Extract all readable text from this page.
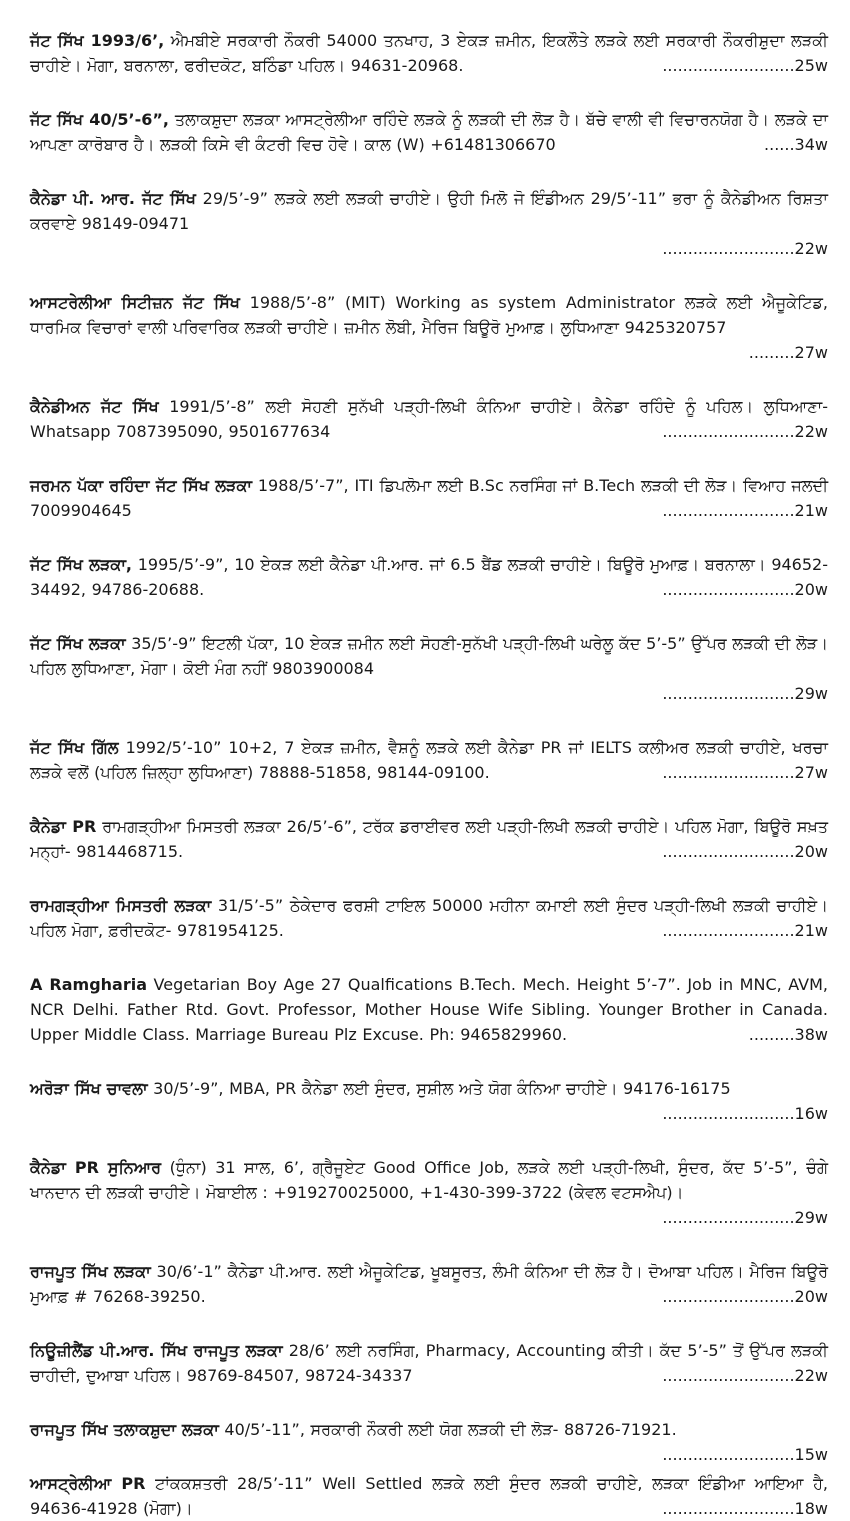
ਜੱਟ ਸਿੱਖ 1993/6’, ਐਮਬੀਏ ਸਰਕਾਰੀ ਨੌਕਰੀ 54000 ਤਨਖਾਹ, 3 ਏਕੜ ਜ਼ਮੀਨ, ਇਕਲੌਤੇ ਲੜਕੇ ਲਈ ਸਰਕਾਰੀ ਨੌਕਰੀਸ਼ੁਦਾ ਲੜਕੀ ਚਾਹੀਏ। ਮੋਗਾ, ਬਰਨਾਲਾ, ਫਰੀਦਕੋਟ, ਬਠਿੰਡਾ ਪਹਿਲ। 94631-20968.	..........................25w

ਜੱਟ ਸਿੱਖ 40/5’-6”, ਤਲਾਕਸ਼ੁਦਾ ਲੜਕਾ ਆਸਟ੍ਰੇਲੀਆ ਰਹਿੰਦੇ ਲੜਕੇ ਨੂੰ ਲੜਕੀ ਦੀ ਲੋੜ ਹੈ। ਬੱਚੇ ਵਾਲੀ ਵੀ ਵਿਚਾਰਨਯੋਗ ਹੈ। ਲੜਕੇ ਦਾ ਆਪਣਾ ਕਾਰੋਬਾਰ ਹੈ। ਲੜਕੀ ਕਿਸੇ ਵੀ ਕੰਟਰੀ ਵਿਚ ਹੋਵੇ। ਕਾਲ (W) +61481306670	......34w

ਕੈਨੇਡਾ ਪੀ. ਆਰ. ਜੱਟ ਸਿੱਖ 29/5’-9” ਲੜਕੇ ਲਈ ਲੜਕੀ ਚਾਹੀਏ। ਉਹੀ ਮਿਲੋ ਜੋ ਇੰਡੀਅਨ 29/5’-11” ਭਰਾ ਨੂੰ ਕੈਨੇਡੀਅਨ ਰਿਸ਼ਤਾ ਕਰਵਾਏ 98149-09471
..........................22w

ਆਸਟਰੇਲੀਆ ਸਿਟੀਜ਼ਨ ਜੱਟ ਸਿੱਖ 1988/5’-8” (MIT) Working as system Administrator ਲੜਕੇ ਲਈ ਐਜੂਕੇਟਿਡ, ਧਾਰਮਿਕ ਵਿਚਾਰਾਂ ਵਾਲੀ ਪਰਿਵਾਰਿਕ ਲੜਕੀ ਚਾਹੀਏ। ਜ਼ਮੀਨ ਲੋਬੀ, ਮੈਰਿਜ ਬਿਊਰੋ ਮੁਆਫ਼। ਲੁਧਿਆਣਾ 9425320757
.........27w

ਕੈਨੇਡੀਅਨ ਜੱਟ ਸਿੱਖ 1991/5’-8” ਲਈ ਸੋਹਣੀ ਸੁਨੱਖੀ ਪੜ੍ਹੀ-ਲਿਖੀ ਕੰਨਿਆ ਚਾਹੀਏ। ਕੈਨੇਡਾ ਰਹਿੰਦੇ ਨੂੰ ਪਹਿਲ। ਲੁਧਿਆਣਾ- Whatsapp 7087395090, 9501677634	..........................22w

ਜਰਮਨ ਪੱਕਾ ਰਹਿੰਦਾ ਜੱਟ ਸਿੱਖ ਲੜਕਾ 1988/5’-7”, ITI ਡਿਪਲੋਮਾ ਲਈ B.Sc ਨਰਸਿੰਗ ਜਾਂ B.Tech ਲੜਕੀ ਦੀ ਲੋੜ। ਵਿਆਹ ਜਲਦੀ 7009904645	..........................21w

ਜੱਟ ਸਿੱਖ ਲੜਕਾ, 1995/5’-9”, 10 ਏਕੜ ਲਈ ਕੈਨੇਡਾ ਪੀ.ਆਰ. ਜਾਂ 6.5 ਬੈਂਡ ਲੜਕੀ ਚਾਹੀਏ। ਬਿਊਰੋ ਮੁਆਫ਼। ਬਰਨਾਲਾ। 94652-34492, 94786-20688.	..........................20w

ਜੱਟ ਸਿੱਖ ਲੜਕਾ 35/5’-9” ਇਟਲੀ ਪੱਕਾ, 10 ਏਕੜ ਜ਼ਮੀਨ ਲਈ ਸੋਹਣੀ-ਸੁਨੱਖੀ ਪੜ੍ਹੀ-ਲਿਖੀ ਘਰੇਲੂ ਕੱਦ 5’-5” ਉੱਪਰ ਲੜਕੀ ਦੀ ਲੋੜ। ਪਹਿਲ ਲੁਧਿਆਣਾ, ਮੋਗਾ। ਕੋਈ ਮੰਗ ਨਹੀਂ 9803900084
..........................29w

ਜੱਟ ਸਿੱਖ ਗਿੱਲ 1992/5’-10” 10+2, 7 ਏਕੜ ਜ਼ਮੀਨ, ਵੈਸ਼ਨੂੰ ਲੜਕੇ ਲਈ ਕੈਨੇਡਾ PR ਜਾਂ IELTS ਕਲੀਅਰ ਲੜਕੀ ਚਾਹੀਏ, ਖਰਚਾ ਲੜਕੇ ਵਲੋਂ (ਪਹਿਲ ਜ਼ਿਲ੍ਹਾ ਲੁਧਿਆਣਾ) 78888-51858, 98144-09100.	..........................27w

ਕੈਨੇਡਾ PR ਰਾਮਗੜ੍ਹੀਆ ਮਿਸਤਰੀ ਲੜਕਾ 26/5’-6”, ਟਰੱਕ ਡਰਾਈਵਰ ਲਈ ਪੜ੍ਹੀ-ਲਿਖੀ ਲੜਕੀ ਚਾਹੀਏ। ਪਹਿਲ ਮੋਗਾ, ਬਿਊਰੋ ਸਖ਼ਤ ਮਨ੍ਹਾਂ- 9814468715.	..........................20w

ਰਾਮਗੜ੍ਹੀਆ ਮਿਸਤਰੀ ਲੜਕਾ 31/5’-5” ਠੇਕੇਦਾਰ ਫਰਸ਼ੀ ਟਾਇਲ 50000 ਮਹੀਨਾ ਕਮਾਈ ਲਈ ਸੁੰਦਰ ਪੜ੍ਹੀ-ਲਿਖੀ ਲੜਕੀ ਚਾਹੀਏ। ਪਹਿਲ ਮੋਗਾ, ਫ਼ਰੀਦਕੋਟ- 9781954125.	..........................21w

A Ramgharia Vegetarian Boy Age 27 Qualfications B.Tech. Mech. Height 5’-7”. Job in MNC, AVM, NCR Delhi. Father Rtd. Govt. Professor, Mother House Wife Sibling. Younger Brother in Canada. Upper Middle Class. Marriage Bureau Plz Excuse. Ph: 9465829960.	.........38w

ਅਰੋੜਾ ਸਿੱਖ ਚਾਵਲਾ 30/5’-9”, MBA, PR ਕੈਨੇਡਾ ਲਈ ਸੁੰਦਰ, ਸੁਸ਼ੀਲ ਅਤੇ ਯੋਗ ਕੰਨਿਆ ਚਾਹੀਏ। 94176-16175
..........................16w

ਕੈਨੇਡਾ PR ਸੁਨਿਆਰ (ਧੁੰਨਾ) 31 ਸਾਲ, 6’, ਗ੍ਰੈਜੂਏਟ Good Office Job, ਲੜਕੇ ਲਈ ਪੜ੍ਹੀ-ਲਿਖੀ, ਸੁੰਦਰ, ਕੱਦ 5’-5”, ਚੰਗੇ ਖਾਨਦਾਨ ਦੀ ਲੜਕੀ ਚਾਹੀਏ। ਮੋਬਾਈਲ : +919270025000, +1-430-399-3722 (ਕੇਵਲ ਵਟਸਐਪ)।
..........................29w

ਰਾਜਪੂਤ ਸਿੱਖ ਲੜਕਾ 30/6’-1” ਕੈਨੇਡਾ ਪੀ.ਆਰ. ਲਈ ਐਜੂਕੇਟਿਡ, ਖੂਬਸੂਰਤ, ਲੰਮੀ ਕੰਨਿਆ ਦੀ ਲੋੜ ਹੈ। ਦੋਆਬਾ ਪਹਿਲ। ਮੈਰਿਜ ਬਿਊਰੋ ਮੁਆਫ਼ # 76268-39250.	..........................20w

ਨਿਊਜ਼ੀਲੈਂਡ ਪੀ.ਆਰ. ਸਿੱਖ ਰਾਜਪੂਤ ਲੜਕਾ 28/6’ ਲਈ ਨਰਸਿੰਗ, Pharmacy, Accounting ਕੀਤੀ। ਕੱਦ 5’-5” ਤੋਂ ਉੱਪਰ ਲੜਕੀ ਚਾਹੀਦੀ, ਦੁਆਬਾ ਪਹਿਲ। 98769-84507, 98724-34337	..........................22w

ਰਾਜਪੂਤ ਸਿੱਖ ਤਲਾਕਸ਼ੁਦਾ ਲੜਕਾ 40/5’-11”, ਸਰਕਾਰੀ ਨੌਕਰੀ ਲਈ ਯੋਗ ਲੜਕੀ ਦੀ ਲੋੜ- 88726-71921.
..........................15w

ਆਸਟ੍ਰੇਲੀਆ PR ਟਾਂਕਕਸ਼ਤਰੀ 28/5’-11” Well Settled ਲੜਕੇ ਲਈ ਸੁੰਦਰ ਲੜਕੀ ਚਾਹੀਏ, ਲੜਕਾ ਇੰਡੀਆ ਆਇਆ ਹੈ, 94636-41928 (ਮੋਗਾ)।	..........................18w
